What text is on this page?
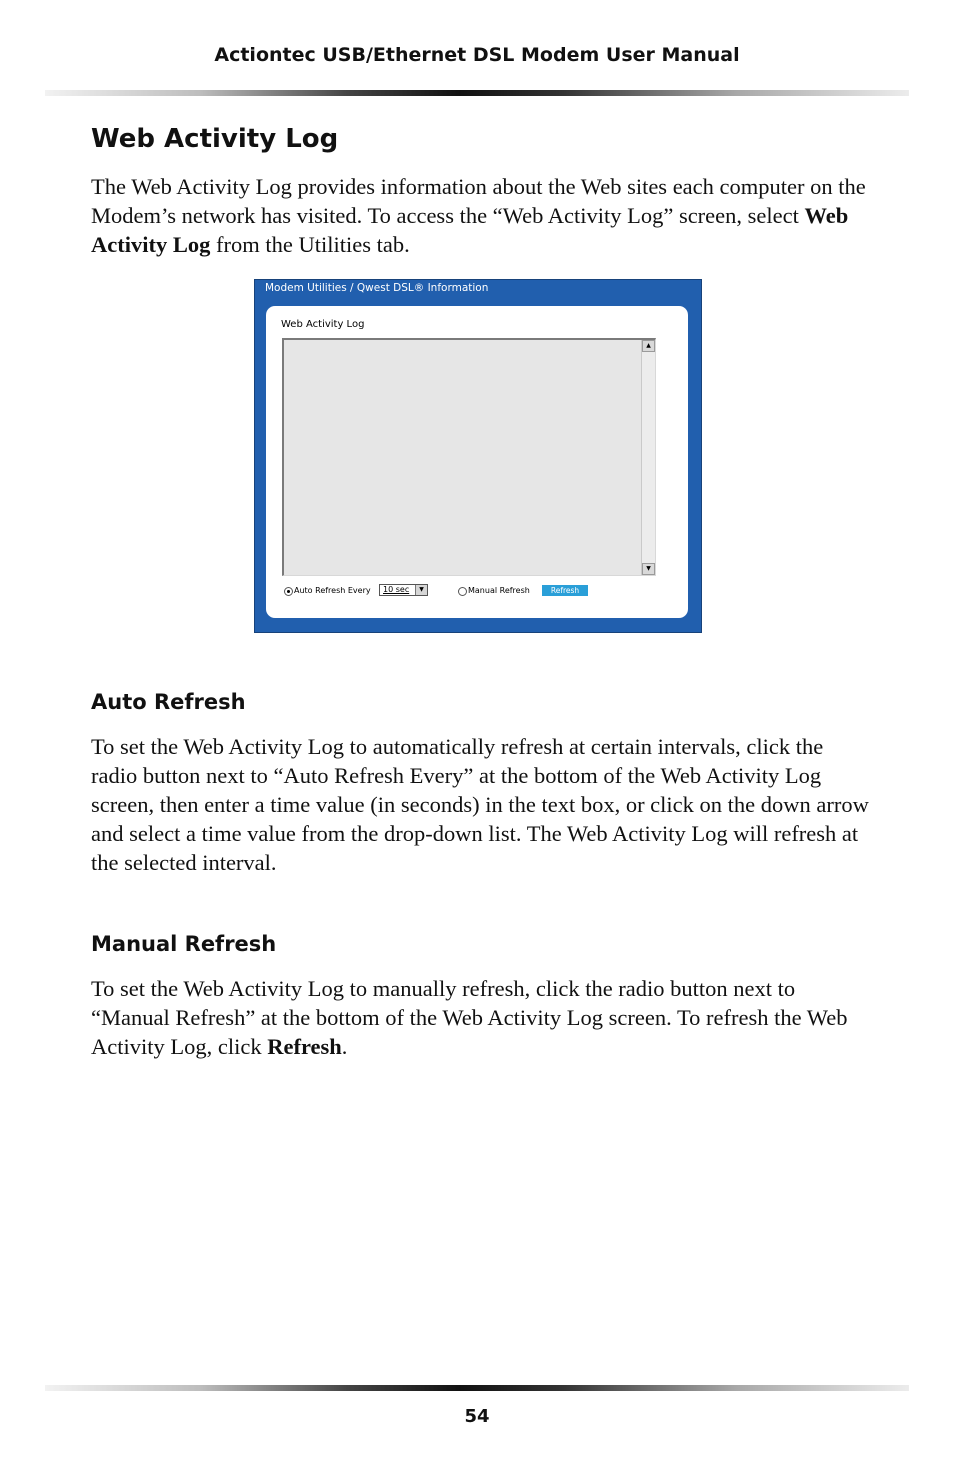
Actiontec USB/Ethernet DSL Modem User Manual
Web Activity Log

The Web Activity Log provides information about the Web sites each computer on the Modem’s network has visited. To access the “Web Activity Log” screen, select Web Activity Log from the Utilities tab.

Modem Utilities / Qwest DSL® Information
Web Activity Log
▲
▼
Auto Refresh Every 10 sec	▼	Manual Refresh	Refresh
Auto Refresh

To set the Web Activity Log to automatically refresh at certain intervals, click the radio button next to “Auto Refresh Every” at the bottom of the Web Activity Log screen, then enter a time value (in seconds) in the text box, or click on the down arrow and select a time value from the drop-down list. The Web Activity Log will refresh at the selected interval.

Manual Refresh

To set the Web Activity Log to manually refresh, click the radio button next to “Manual Refresh” at the bottom of the Web Activity Log screen. To refresh the Web Activity Log, click Refresh.

54
